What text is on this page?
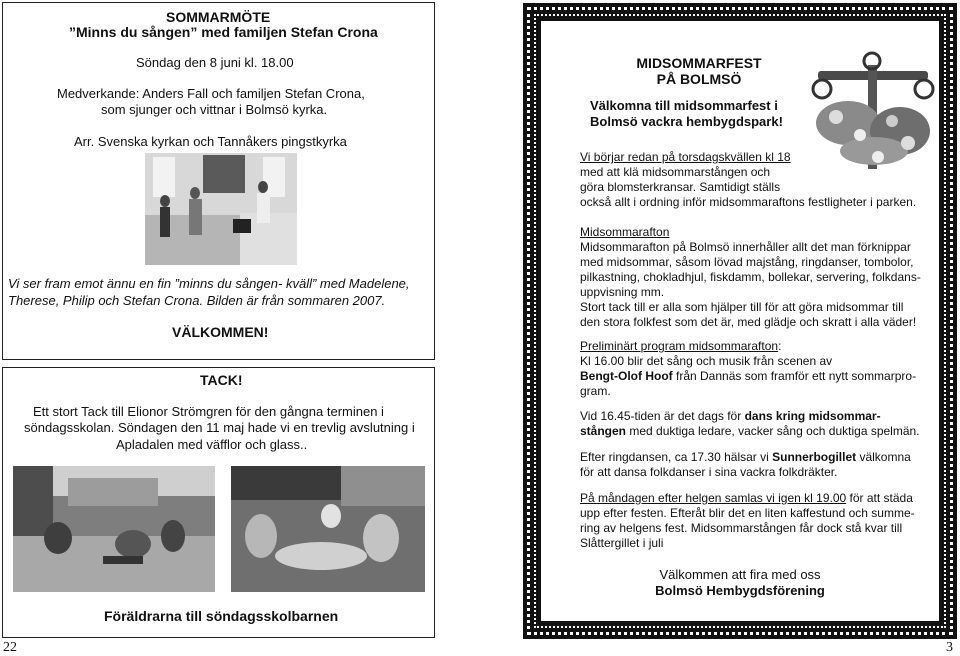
SOMMARMÖTE
”Minns du sången” med familjen Stefan Crona
Söndag den 8 juni kl. 18.00
Medverkande: Anders Fall och familjen Stefan Crona,
som sjunger och vittnar i Bolmsö kyrka.
Arr. Svenska kyrkan och Tannåkers pingstkyrka
Vi ser fram emot ännu en fin ”minns du sången- kväll” med Madelene,
Therese, Philip och Stefan Crona. Bilden är från sommaren 2007.
VÄLKOMMEN!
TACK!
Ett stort Tack till Elionor Strömgren för den gångna terminen i
söndagsskolan. Söndagen den 11 maj hade vi en trevlig avslutning i
Apladalen med väfflor och glass..
Föräldrarna till söndagsskolbarnen
22
MIDSOMMARFEST
PÅ BOLMSÖ
Välkomna till midsommarfest i
Bolmsö vackra hembygdspark!
Vi börjar redan på torsdagskvällen kl 18
med att klä midsommarstången och
göra blomsterkransar. Samtidigt ställs
också allt i ordning inför midsommaraftons festligheter i parken.
Midsommarafton
Midsommarafton på Bolmsö innerhåller allt det man förknippar
med midsommar, såsom lövad majstång, ringdanser, tombolor,
pilkastning, chokladhjul, fiskdamm, bollekar, servering, folkdans-
uppvisning mm.
Stort tack till er alla som hjälper till för att göra midsommar till
den stora folkfest som det är, med glädje och skratt i alla väder!
Preliminärt program midsommarafton:
Kl 16.00 blir det sång och musik från scenen av
Bengt-Olof Hoof från Dannäs som framför ett nytt sommarpro-
gram.
Vid 16.45-tiden är det dags för dans kring midsommar-
stången med duktiga ledare, vacker sång och duktiga spelmän.
Efter ringdansen, ca 17.30 hälsar vi Sunnerbogillet välkomna
för att dansa folkdanser i sina vackra folkdräkter.
På måndagen efter helgen samlas vi igen kl 19.00 för att städa
upp efter festen. Efteråt blir det en liten kaffestund och summe-
ring av helgens fest. Midsommarstången får dock stå kvar till
Slåttergillet i juli
Välkommen att fira med oss
Bolmsö Hembygdsförening
3
